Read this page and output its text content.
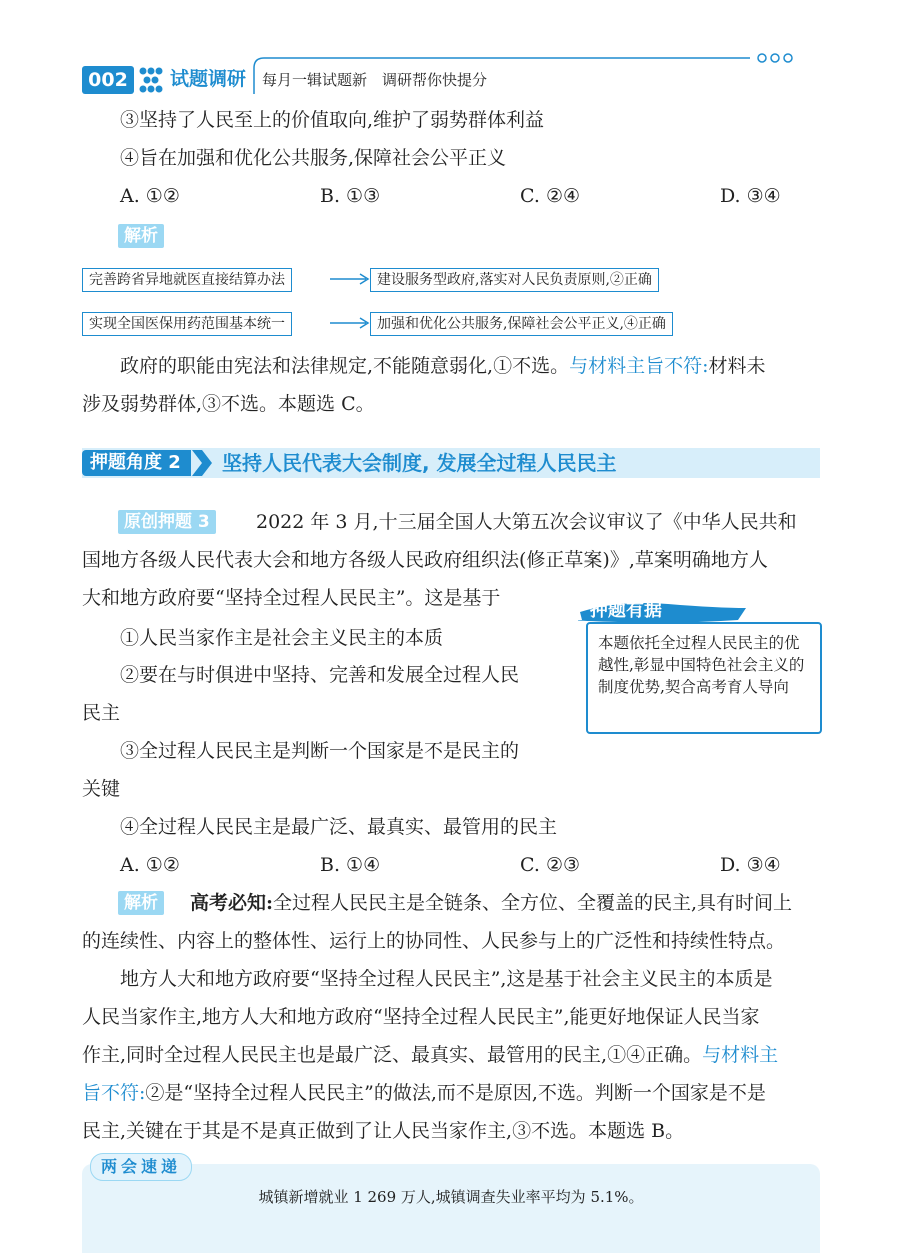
002	试题调研 每月一辑试题新　调研帮你快提分
③坚持了人民至上的价值取向,维护了弱势群体利益
④旨在加强和优化公共服务,保障社会公平正义
A. ①②	B. ①③	C. ②④	D. ③④
解析
完善跨省异地就医直接结算办法	建设服务型政府,落实对人民负责原则,②正确
实现全国医保用药范围基本统一	加强和优化公共服务,保障社会公平正义,④正确
政府的职能由宪法和法律规定,不能随意弱化,①不选。与材料主旨不符:材料未
涉及弱势群体,③不选。本题选 C。
押题角度 2	坚持人民代表大会制度, 发展全过程人民民主
原创押题 3	2022 年 3 月,十三届全国人大第五次会议审议了《中华人民共和
国地方各级人民代表大会和地方各级人民政府组织法(修正草案)》,草案明确地方人
大和地方政府要“坚持全过程人民民主”。这是基于
①人民当家作主是社会主义民主的本质
②要在与时俱进中坚持、完善和发展全过程人民
民主
③全过程人民民主是判断一个国家是不是民主的
关键
④全过程人民民主是最广泛、最真实、最管用的民主
A. ①②	B. ①④	C. ②③	D. ③④
押题有据
本题依托全过程人民民主的优越性,彰显中国特色社会主义的制度优势,契合高考育人导向
解析	高考必知:全过程人民民主是全链条、全方位、全覆盖的民主,具有时间上
的连续性、内容上的整体性、运行上的协同性、人民参与上的广泛性和持续性特点。
地方人大和地方政府要“坚持全过程人民民主”,这是基于社会主义民主的本质是
人民当家作主,地方人大和地方政府“坚持全过程人民民主”,能更好地保证人民当家
作主,同时全过程人民民主也是最广泛、最真实、最管用的民主,①④正确。与材料主
旨不符:②是“坚持全过程人民民主”的做法,而不是原因,不选。判断一个国家是不是
民主,关键在于其是不是真正做到了让人民当家作主,③不选。本题选 B。
两会速递
城镇新增就业 1 269 万人,城镇调查失业率平均为 5.1%。
